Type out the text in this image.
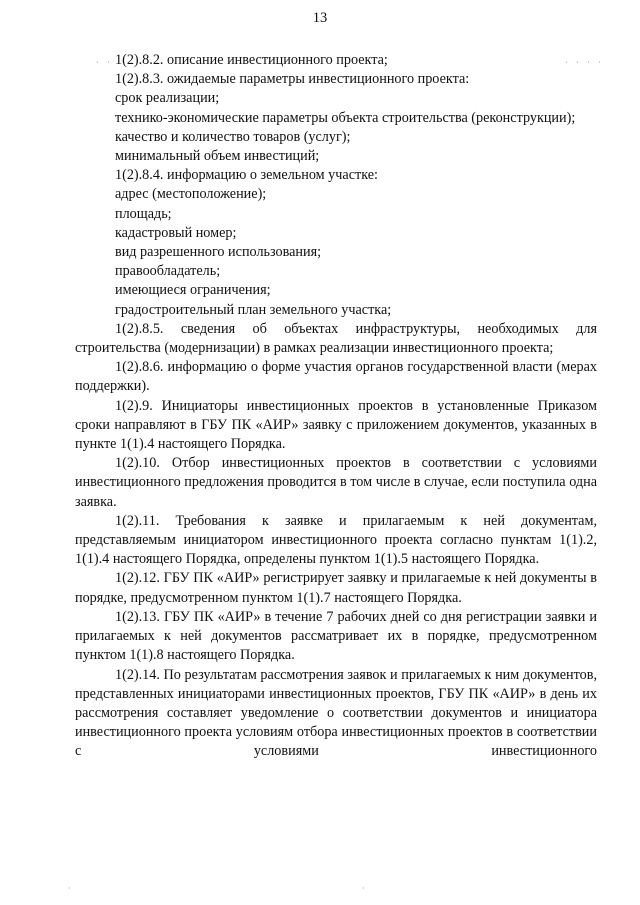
13
· ·	· · · ·

1(2).8.2. описание инвестиционного проекта;

1(2).8.3. ожидаемые параметры инвестиционного проекта:

срок реализации;

технико-экономические параметры объекта строительства (реконструкции);

качество и количество товаров (услуг);

минимальный объем инвестиций;

1(2).8.4. информацию о земельном участке:

адрес (местоположение);

площадь;

кадастровый номер;

вид разрешенного использования;

правообладатель;

имеющиеся ограничения;

градостроительный план земельного участка;

1(2).8.5. сведения об объектах инфраструктуры, необходимых для строительства (модернизации) в рамках реализации инвестиционного проекта;

1(2).8.6. информацию о форме участия органов государственной власти (мерах поддержки).

1(2).9. Инициаторы инвестиционных проектов в установленные Приказом сроки направляют в ГБУ ПК «АИР» заявку с приложением документов, указанных в пункте 1(1).4 настоящего Порядка.

1(2).10. Отбор инвестиционных проектов в соответствии с условиями инвестиционного предложения проводится в том числе в случае, если поступила одна заявка.

1(2).11. Требования к заявке и прилагаемым к ней документам, представляемым инициатором инвестиционного проекта согласно пунктам 1(1).2, 1(1).4 настоящего Порядка, определены пунктом 1(1).5 настоящего Порядка.

1(2).12. ГБУ ПК «АИР» регистрирует заявку и прилагаемые к ней документы в порядке, предусмотренном пунктом 1(1).7 настоящего Порядка.

1(2).13. ГБУ ПК «АИР» в течение 7 рабочих дней со дня регистрации заявки и прилагаемых к ней документов рассматривает их в порядке, предусмотренном пунктом 1(1).8 настоящего Порядка.

1(2).14. По результатам рассмотрения заявок и прилагаемых к ним документов, представленных инициаторами инвестиционных проектов, ГБУ ПК «АИР» в день их рассмотрения составляет уведомление о соответствии документов и инициатора инвестиционного проекта условиям отбора инвестиционных проектов в соответствии с условиями инвестиционного

·	·
